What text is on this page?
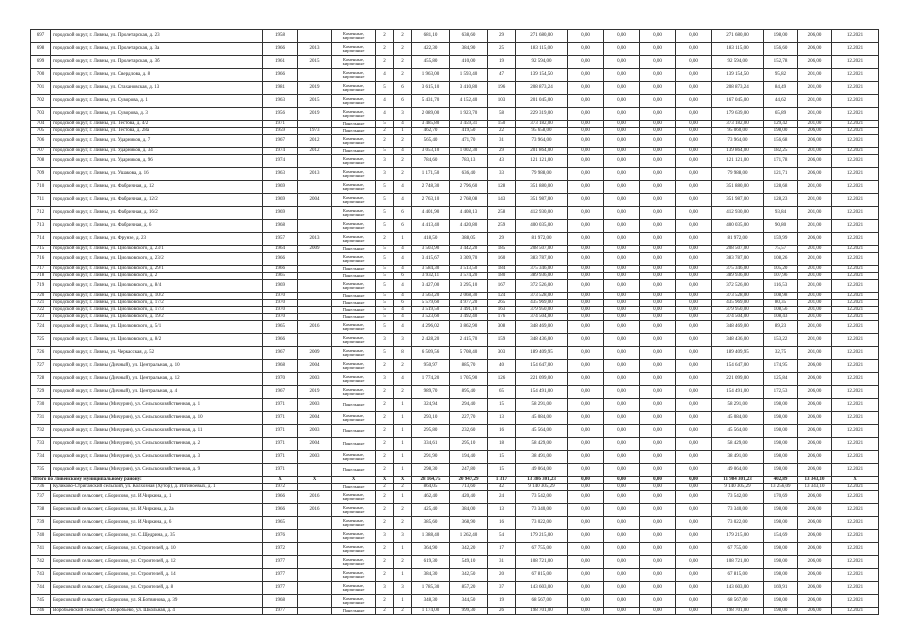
697	городской округ, г. Ливны, ул. Пролетарская, д. 23	1958		Каменные, кирпичные	2	2	681,10	638,60	29	271 680,00	0,00	0,00	0,00	0,00	271 680,00	198,00	206,00	12.2021
698	городской округ, г. Ливны, ул. Пролетарская, д. 3а	1966	2013	Каменные, кирпичные	2	2	422,30	384,90	25	183 115,00	0,00	0,00	0,00	0,00	183 115,00	156,60	206,00	12.2021
699	городской округ, г. Ливны, ул. Пролетарская, д. 3б	1961	2015	Каменные, кирпичные	2	2	455,80	410,00	19	92 594,00	0,00	0,00	0,00	0,00	92 594,00	152,78	206,00	12.2021
700	городской округ, г. Ливны, ул. Свердлова, д. 8	1966		Каменные, кирпичные	4	2	1 963,00	1 593,40	47	139 154,50	0,00	0,00	0,00	0,00	139 154,50	95,82	201,00	12.2021
701	городской округ, г. Ливны, ул. Стахановская, д. 13	1981	2019	Каменные, кирпичные	5	6	3 615,10	3 410,80	196	208 873,24	0,00	0,00	0,00	0,00	208 873,24	84,49	201,00	12.2021
702	городской округ, г. Ливны, ул. Суворова, д. 1	1963	2015	Каменные, кирпичные	4	6	5 431,70	4 152,40	103	201 045,00	0,00	0,00	0,00	0,00	167 045,00	44,62	201,00	12.2021
703	городской округ, г. Ливны, ул. Суворова, д. 3	1956	2019	Каменные, кирпичные	4	3	2 089,00	1 923,70	58	229 319,00	0,00	0,00	0,00	0,00	179 639,00	65,89	201,00	12.2021
704	городской округ, г. Ливны, ул. Тестова, д. 4/2	1971		Панельные	5	4	3 485,80	3 459,31	150	373 182,00	0,00	0,00	0,00	0,00	373 182,00	129,42	201,00	12.2021
705	городской округ, г. Ливны, ул. Тестова, д. 28а	1959	1973	Панельные	2	1	462,70	419,50	22	95 658,00	0,00	0,00	0,00	0,00	95 060,00	198,00	206,00	12.2021
706	городской округ, г. Ливны, ул. Ударников, д. 7	1967	2012	Каменные, кирпичные	2	2	565,40	471,70	31	73 964,00	0,00	0,00	0,00	0,00	73 964,00	156,68	206,00	12.2021
707	городской округ, г. Ливны, ул. Ударников, д. 34	1974	2012	Панельные	5	4	3 053,10	1 002,30	29	201 864,00	0,00	0,00	0,00	0,00	139 864,00	182,25	201,00	12.2021
708	городской округ, г. Ливны, ул. Ударников, д. 96	1974		Каменные, кирпичные	3	2	784,60	783,13	43	121 121,00	0,00	0,00	0,00	0,00	121 121,00	171,78	206,00	12.2021
709	городской округ, г. Ливны, ул. Ушакова, д. 16	1963	2013	Каменные, кирпичные	3	2	1 171,50	636,40	33	79 988,00	0,00	0,00	0,00	0,00	79 988,00	121,71	206,00	12.2021
710	городской округ, г. Ливны, ул. Фабричная, д. 12	1969		Каменные, кирпичные	5	4	2 748,30	2 796,60	128	351 880,00	0,00	0,00	0,00	0,00	351 880,00	128,68	201,00	12.2021
711	городской округ, г. Ливны, ул. Фабричная, д. 12/2	1969	2004	Каменные, кирпичные	5	4	2 763,10	2 768,08	143	351 987,00	0,00	0,00	0,00	0,00	351 987,00	128,23	201,00	12.2021
712	городской округ, г. Ливны, ул. Фабричная, д. 16/2	1969		Каменные, кирпичные	5	6	4 401,90	4 408,13	258	412 930,00	0,00	0,00	0,00	0,00	412 930,00	93,84	201,00	12.2021
713	городской округ, г. Ливны, ул. Фабричная, д. 6	1968		Каменные, кирпичные	5	6	4 413,40	4 420,80	259	400 035,00	0,00	0,00	0,00	0,00	400 035,00	90,80	201,00	12.2021
714	городской округ, г. Ливны, ул. Фрунзе, д. 23	1957	2013	Каменные, кирпичные	2	1	418,50	388,05	29	81 972,00	0,00	0,00	0,00	0,00	81 972,00	159,99	206,00	12.2021
715	городской округ, г. Ливны, ул. Циолковского, д. 23/1	1964	2009	Панельные	5	4	3 503,90	3 442,20	185	208 507,00	0,00	0,00	0,00	0,00	208 507,00	75,57	201,00	12.2021
716	городской округ, г. Ливны, ул. Циолковского, д. 23/2	1966		Каменные, кирпичные	5	4	3 415,67	3 309,70	160	383 787,00	0,00	0,00	0,00	0,00	383 787,00	108,26	201,00	12.2021
717	городской округ, г. Ливны, ул. Циолковского, д. 29/1	1966		Панельные	5	4	3 584,30	3 513,50	184	375 346,00	0,00	0,00	0,00	0,00	375 346,00	105,20	201,00	12.2021
718	городской округ, г. Ливны, ул. Циолковского, д. 2	1965		Панельные	5	6	3 932,11	3 574,20	180	389 936,00	0,00	0,00	0,00	0,00	389 936,00	107,96	201,00	12.2021
719	городской округ, г. Ливны, ул. Циолковского, д. 8/4	1969		Каменные, кирпичные	5	4	3 427,00	3 295,10	167	372 526,00	0,00	0,00	0,00	0,00	372 526,00	116,53	201,00	12.2021
720	городской округ, г. Ливны, ул. Циолковского, д. 10/2	1970		Панельные	5	4	3 563,20	2 068,30	124	373 528,00	0,00	0,00	0,00	0,00	373 528,00	108,98	201,00	12.2021
721	городской округ, г. Ливны, ул. Циолковского, д. 17/2	1970		Панельные	5	6	5 579,60	4 977,20	265	435 969,00	0,00	0,00	0,00	0,00	435 969,00	80,35	201,00	12.2021
722	городской округ, г. Ливны, ул. Циолковского, д. 17/3	1970		Панельные	5	4	3 519,50	3 491,10	163	379 950,00	0,00	0,00	0,00	0,00	379 950,00	108,56	201,00	12.2021
723	городской округ, г. Ливны, ул. Циолковского, д. 19/2	1970		Панельные	5	4	3 523,60	3 492,40	176	374 504,00	0,00	0,00	0,00	0,00	374 504,00	108,43	201,00	12.2021
724	городской округ, г. Ливны, ул. Циолковского, д. 5/1	1965	2016	Каменные, кирпичные	5	4	4 296,02	3 862,90	308	348 469,00	0,00	0,00	0,00	0,00	348 469,00	89,23	201,00	12.2021
725	городской округ, г. Ливны, ул. Циолковского, д. 8/2	1966		Каменные, кирпичные	3	3	2 428,20	2 415,70	159	348 436,00	0,00	0,00	0,00	0,00	348 436,00	153,22	201,00	12.2021
726	городской округ, г. Ливны, ул. Черкасская, д. 52	1967	2009	Каменные, кирпичные	5	8	6 509,56	5 708,40	303	189 409,95	0,00	0,00	0,00	0,00	189 409,95	32,75	201,00	12.2021
727	городской округ, г. Ливны (Дичный), ул. Центральная, д. 10	1968	2004	Каменные, кирпичные	2	2	950,97	885,70	40	154 647,00	0,00	0,00	0,00	0,00	154 647,00	174,95	206,00	12.2021
728	городской округ, г. Ливны (Дичный), ул. Центральная, д. 12	1970	2003	Каменные, кирпичные	3	4	1 774,20	1 705,90	126	221 099,00	0,00	0,00	0,00	0,00	221 099,00	125,84	206,00	12.2021
729	городской округ, г. Ливны (Дичный), ул. Центральная, д. 4	1967	2019	Каменные, кирпичные	2	2	989,70	895,40	65	154 491,00	0,00	0,00	0,00	0,00	154 491,00	172,53	206,00	12.2021
730	городской округ, г. Ливны (Мичурин), ул. Сельскохозяйственная, д. 1	1971	2003	Панельные	2	1	324,94	294,40	15	58 291,00	0,00	0,00	0,00	0,00	58 291,00	198,00	206,00	12.2021
731	городской округ, г. Ливны (Мичурин), ул. Сельскохозяйственная, д. 10	1971	2004	Каменные, кирпичные	2	1	293,10	227,70	13	45 084,00	0,00	0,00	0,00	0,00	45 084,00	198,00	206,00	12.2021
732	городской округ, г. Ливны (Мичурин), ул. Сельскохозяйственная, д. 11	1971	2003	Панельные	2	1	295,80	232,60	16	45 564,00	0,00	0,00	0,00	0,00	45 564,00	198,00	206,00	12.2021
733	городской округ, г. Ливны (Мичурин), ул. Сельскохозяйственная, д. 2	1971	2004	Панельные	2	1	334,61	295,10	18	58 429,00	0,00	0,00	0,00	0,00	58 429,00	198,00	206,00	12.2021
734	городской округ, г. Ливны (Мичурин), ул. Сельскохозяйственная, д. 3	1971	2003	Каменные, кирпичные	2	1	291,90	194,40	15	38 491,00	0,00	0,00	0,00	0,00	38 491,00	198,00	206,00	12.2021
735	городской округ, г. Ливны (Мичурин), ул. Сельскохозяйственная, д. 9	1971		Панельные	2	1	298,30	247,80	15	49 064,00	0,00	0,00	0,00	0,00	49 064,00	198,00	206,00	12.2021
Итого по Ливенскому муниципальному району:		X	X	X	X	X	28 164,75	20 947,29	1 317	13 386 301,23	0,00	0,00	0,00	0,00	11 984 301,23	402,89	13 343,10	X
736	Куликово-Стриганский сельский, ул. Колхозная (Хутор), д. Изгиноевых, д. 1	1972		Панельные	2	2	864,05	713,60	42	9 140 305,29	0,00	0,00	0,00	0,00	9 140 305,29	13 256,09	13 343,10	12.2021
737	Борисовский сельсовет, с.Борисово, ул. И.Чиркина, д. 1	1966	2016	Каменные, кирпичные	2	1	462,40	420,40	24	73 542,00	0,00	0,00	0,00	0,00	73 542,00	170,69	206,00	12.2021
738	Борисовский сельсовет, с.Борисово, ул. И.Чиркина, д. 2а	1966	2016	Каменные, кирпичные	2	2	425,40	384,00	13	73 340,00	0,00	0,00	0,00	0,00	73 340,00	198,00	206,00	12.2021
739	Борисовский сельсовет, с.Борисово, ул. И.Чиркина, д. 6	1965		Каменные, кирпичные	2	2	385,60	368,90	16	73 022,00	0,00	0,00	0,00	0,00	73 022,00	198,00	206,00	12.2021
740	Борисовский сельсовет, с.Борисово, ул. С.Щедрина, д. 35	1976		Каменные, кирпичные	3	3	1 388,40	1 262,40	54	179 215,00	0,00	0,00	0,00	0,00	179 215,00	154,69	206,00	12.2021
741	Борисовский сельсовет, с.Борисово, ул. Строителей, д. 10	1972		Каменные, кирпичные	2	1	364,90	342,20	17	67 755,00	0,00	0,00	0,00	0,00	67 755,00	198,00	206,00	12.2021
742	Борисовский сельсовет, с.Борисово, ул. Строителей, д. 12	1977		Каменные, кирпичные	2	2	619,30	549,10	31	108 721,00	0,00	0,00	0,00	0,00	108 721,00	198,00	206,00	12.2021
743	Борисовский сельсовет, с.Борисово, ул. Строителей, д. 14	1977		Каменные, кирпичные	2	1	384,30	342,50	20	67 815,00	0,00	0,00	0,00	0,00	67 815,00	198,00	206,00	12.2021
744	Борисовский сельсовет, с.Борисово, ул. Строителей, д. 8	1977		Каменные, кирпичные	3	3	1 785,30	857,20	37	143 603,00	0,00	0,00	0,00	0,00	143 603,00	169,91	206,00	12.2021
745	Борисовский сельсовет, с.Борисово, ул. Я.Ботвинова, д. 39	1968		Каменные, кирпичные	2	1	348,30	344,50	19	68 567,00	0,00	0,00	0,00	0,00	68 567,00	198,00	206,00	12.2021
746	Воробьевский сельсовет, с.Воробьево, ул. Школьная, д. 4	1977		Панельные	2	2	1 174,00	999,30	26	198 701,00	0,00	0,00	0,00	0,00	198 701,00	198,00	206,00	12.2021
